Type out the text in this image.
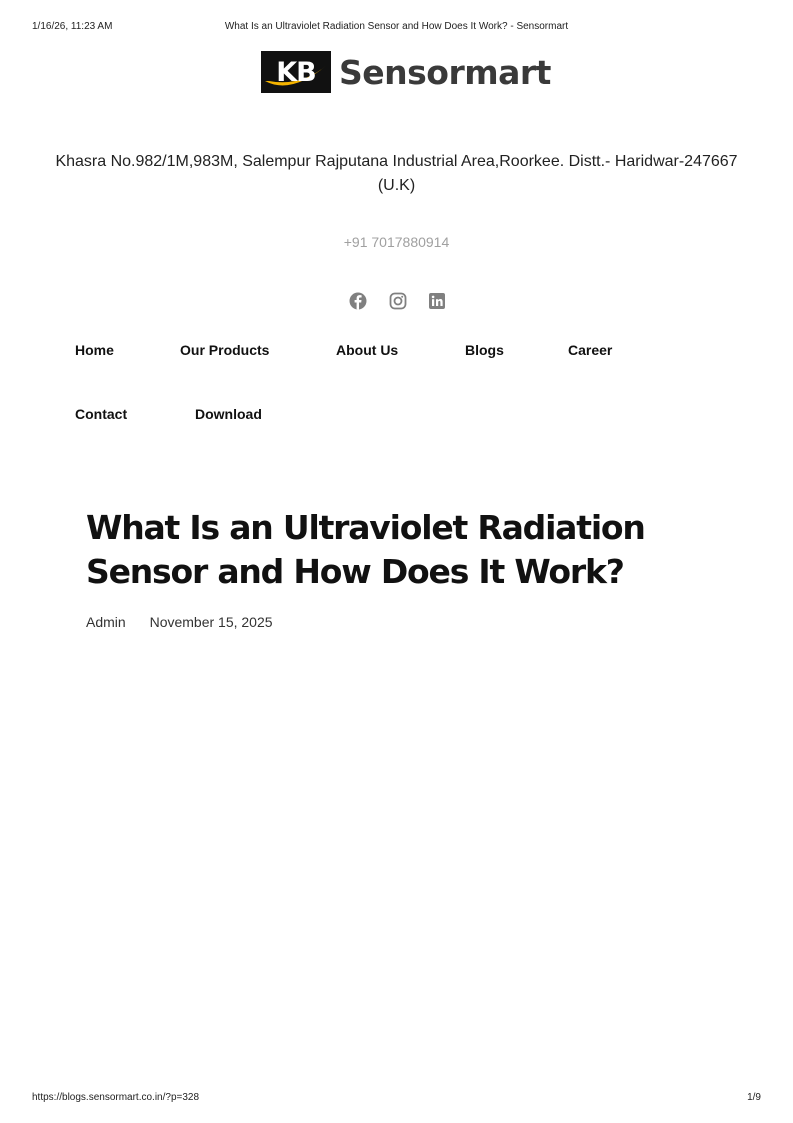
What Is an Ultraviolet Radiation Sensor and How Does It Work? - Sensormart
1/16/26, 11:23 AM
KB Sensormart
Khasra No.982/1M,983M, Salempur Rajputana Industrial Area,Roorkee. Distt.- Haridwar-247667 (U.K)
+91 7017880914
Home	Our Products	About Us	Blogs	Career
Contact	Download
What Is an Ultraviolet Radiation Sensor and How Does It Work?
Admin November 15, 2025
https://blogs.sensormart.co.in/?p=328	1/9
